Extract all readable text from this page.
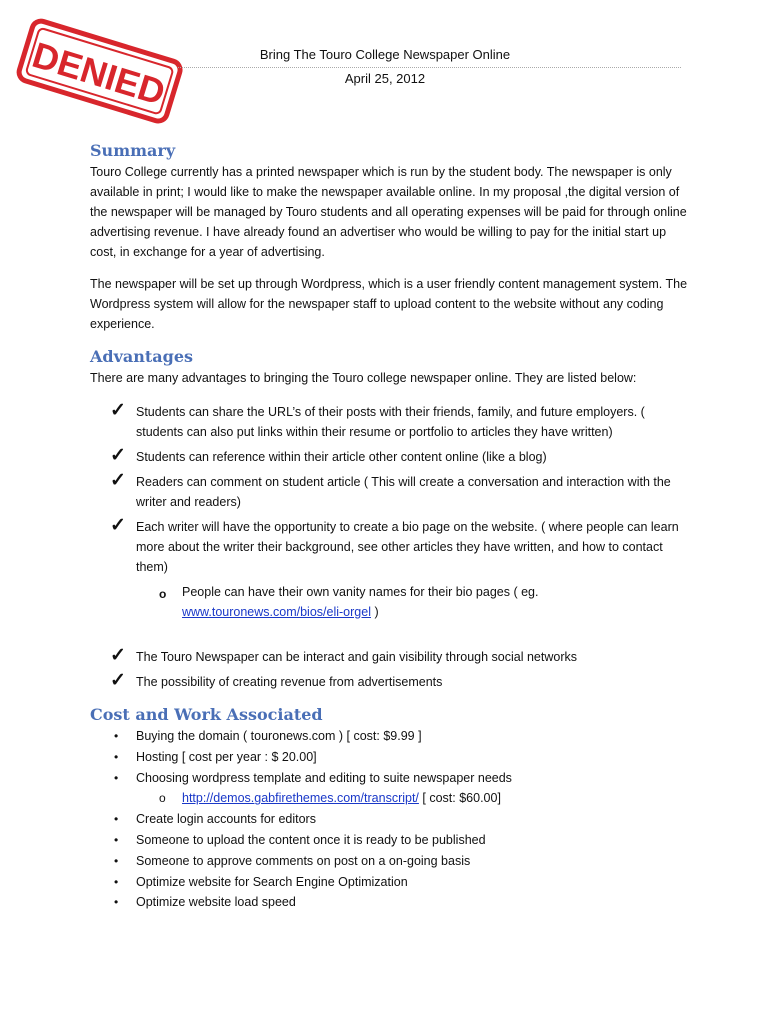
DENIED	Bring The Touro College Newspaper Online
April 25, 2012
Summary

Touro College currently has a printed newspaper which is run by the student body. The newspaper is only available in print; I would like to make the newspaper available online. In my proposal ,the digital version of the newspaper will be managed by Touro students and all operating expenses will be paid for through online advertising revenue. I have already found an advertiser who would be willing to pay for the initial start up cost, in exchange for a year of advertising.

The newspaper will be set up through Wordpress, which is a user friendly content management system. The Wordpress system will allow for the newspaper staff to upload content to the website without any coding experience.

Advantages

There are many advantages to bringing the Touro college newspaper online. They are listed below:

✓ Students can share the URL’s of their posts with their friends, family, and future employers. ( students can also put links within their resume or portfolio to articles they have written)
✓ Students can reference within their article other content online (like a blog)
✓ Readers can comment on student article ( This will create a conversation and interaction with the writer and readers)
✓ Each writer will have the opportunity to create a bio page on the website. ( where people can learn more about the writer their background, see other articles they have written, and how to contact them)
o People can have their own vanity names for their bio pages ( eg.
www.touronews.com/bios/eli-orgel )
✓ The Touro Newspaper can be interact and gain visibility through social networks
✓ The possibility of creating revenue from advertisements
Cost and Work Associated
• Buying the domain ( touronews.com ) [ cost: $9.99 ]
• Hosting [ cost per year : $ 20.00]
• Choosing wordpress template and editing to suite newspaper needs
o http://demos.gabfirethemes.com/transcript/ [ cost: $60.00]
• Create login accounts for editors
• Someone to upload the content once it is ready to be published
• Someone to approve comments on post on a on-going basis
• Optimize website for Search Engine Optimization
• Optimize website load speed
